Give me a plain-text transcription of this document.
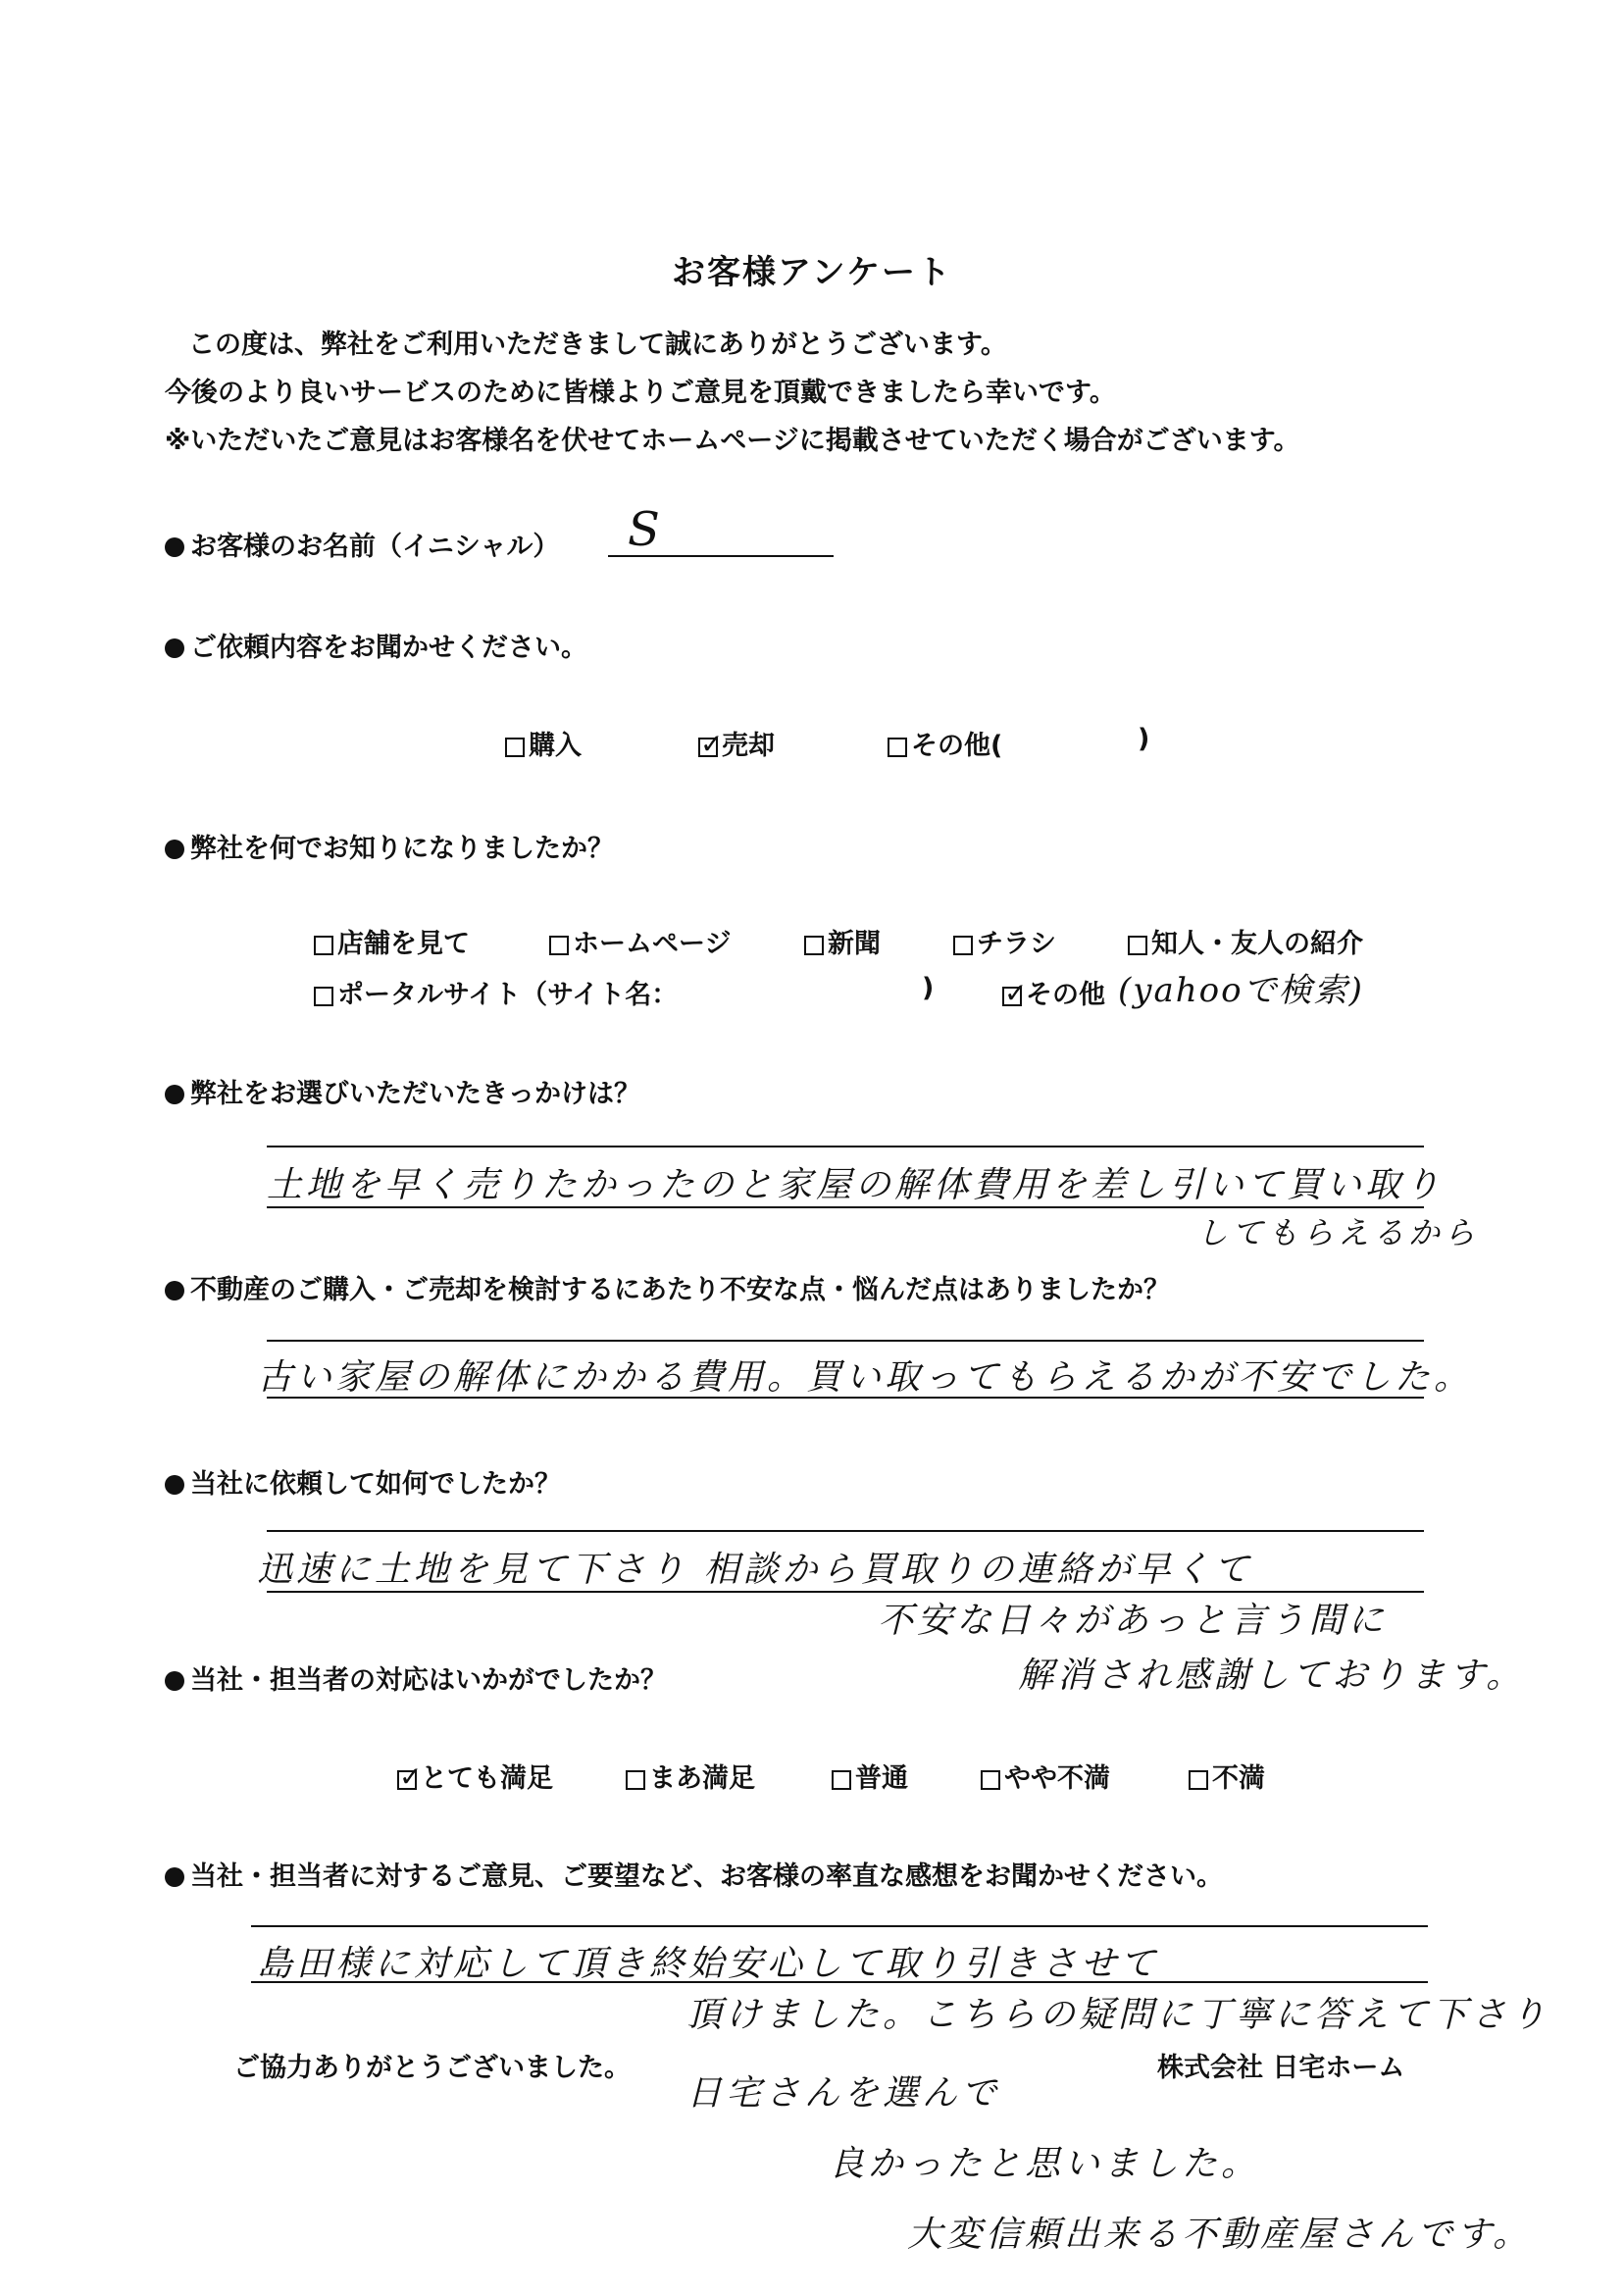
お客様アンケート
この度は、弊社をご利用いただきまして誠にありがとうございます。
今後のより良いサービスのために皆様よりご意見を頂戴できましたら幸いです。
※いただいたご意見はお客様名を伏せてホームページに掲載させていただく場合がございます。
お客様のお名前（イニシャル） S
ご依頼内容をお聞かせください。
購入 ✓	売却	その他(	)
弊社を何でお知りになりましたか？
店舗を見て	ホームページ	新聞	チラシ	知人・友人の紹介
ポータルサイト（サイト名：	) ✓	その他 (yahooで検索)
弊社をお選びいただいたきっかけは？
土地を早く売りたかったのと家屋の解体費用を差し引いて買い取り
してもらえるから
不動産のご購入・ご売却を検討するにあたり不安な点・悩んだ点はありましたか？
古い家屋の解体にかかる費用。買い取ってもらえるかが不安でした。
当社に依頼して如何でしたか？
迅速に土地を見て下さり 相談から買取りの連絡が早くて
不安な日々があっと言う間に
解消され感謝しております。
当社・担当者の対応はいかがでしたか？
✓とても満足	まあ満足	普通	やや不満	不満
当社・担当者に対するご意見、ご要望など、お客様の率直な感想をお聞かせください。
島田様に対応して頂き終始安心して取り引きさせて
頂けました。こちらの疑問に丁寧に答えて下さり
日宅さんを選んで
良かったと思いました。
大変信頼出来る不動産屋さんです。
ご協力ありがとうございました。	株式会社 日宅ホーム
